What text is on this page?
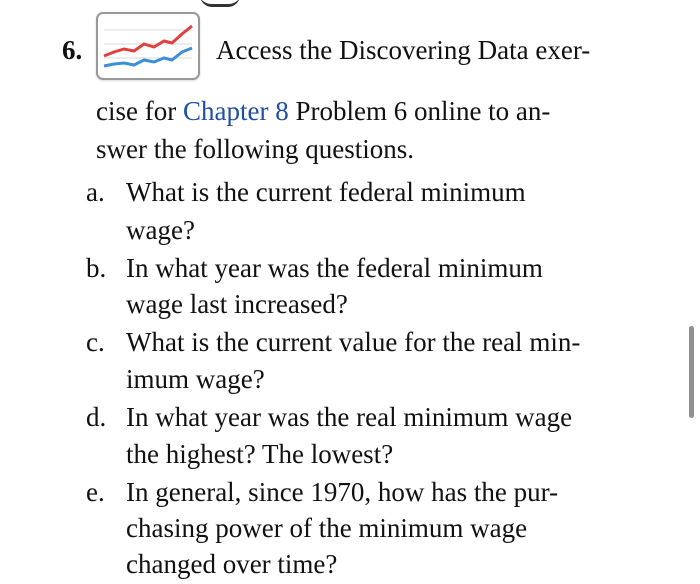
6.	Access the Discovering Data exer-
cise for Chapter 8 Problem 6 online to an-
swer the following questions.
a. What is the current federal minimum
wage?
b. In what year was the federal minimum
wage last increased?
c. What is the current value for the real min-
imum wage?
d. In what year was the real minimum wage
the highest? The lowest?
e. In general, since 1970, how has the pur-
chasing power of the minimum wage
changed over time?
